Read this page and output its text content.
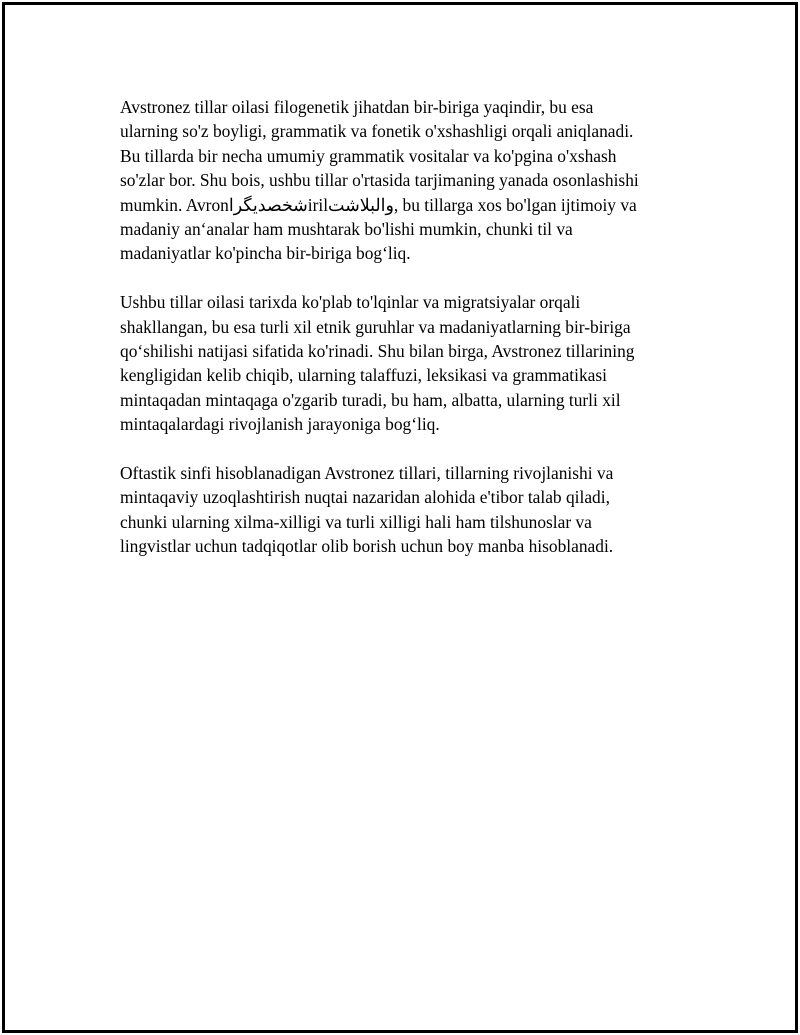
Avstronez tillar oilasi filogenetik jihatdan bir-biriga yaqindir, bu esa
ularning so'z boyligi, grammatik va fonetik o'xshashligi orqali aniqlanadi.
Bu tillarda bir necha umumiy grammatik vositalar va ko'pgina o'xshash
so'zlar bor. Shu bois, ushbu tillar o'rtasida tarjimaning yanada osonlashishi
mumkin. Avronشخصدیگراirilوالبلاشت, bu tillarga xos bo'lgan ijtimoiy va
madaniy an‘analar ham mushtarak bo'lishi mumkin, chunki til va
madaniyatlar ko'pincha bir-biriga bog‘liq.

Ushbu tillar oilasi tarixda ko'plab to'lqinlar va migratsiyalar orqali
shakllangan, bu esa turli xil etnik guruhlar va madaniyatlarning bir-biriga
qo‘shilishi natijasi sifatida ko'rinadi. Shu bilan birga, Avstronez tillarining
kengligidan kelib chiqib, ularning talaffuzi, leksikasi va grammatikasi
mintaqadan mintaqaga o'zgarib turadi, bu ham, albatta, ularning turli xil
mintaqalardagi rivojlanish jarayoniga bog‘liq.

Oftastik sinfi hisoblanadigan Avstronez tillari, tillarning rivojlanishi va
mintaqaviy uzoqlashtirish nuqtai nazaridan alohida e'tibor talab qiladi,
chunki ularning xilma-xilligi va turli xilligi hali ham tilshunoslar va
lingvistlar uchun tadqiqotlar olib borish uchun boy manba hisoblanadi.
